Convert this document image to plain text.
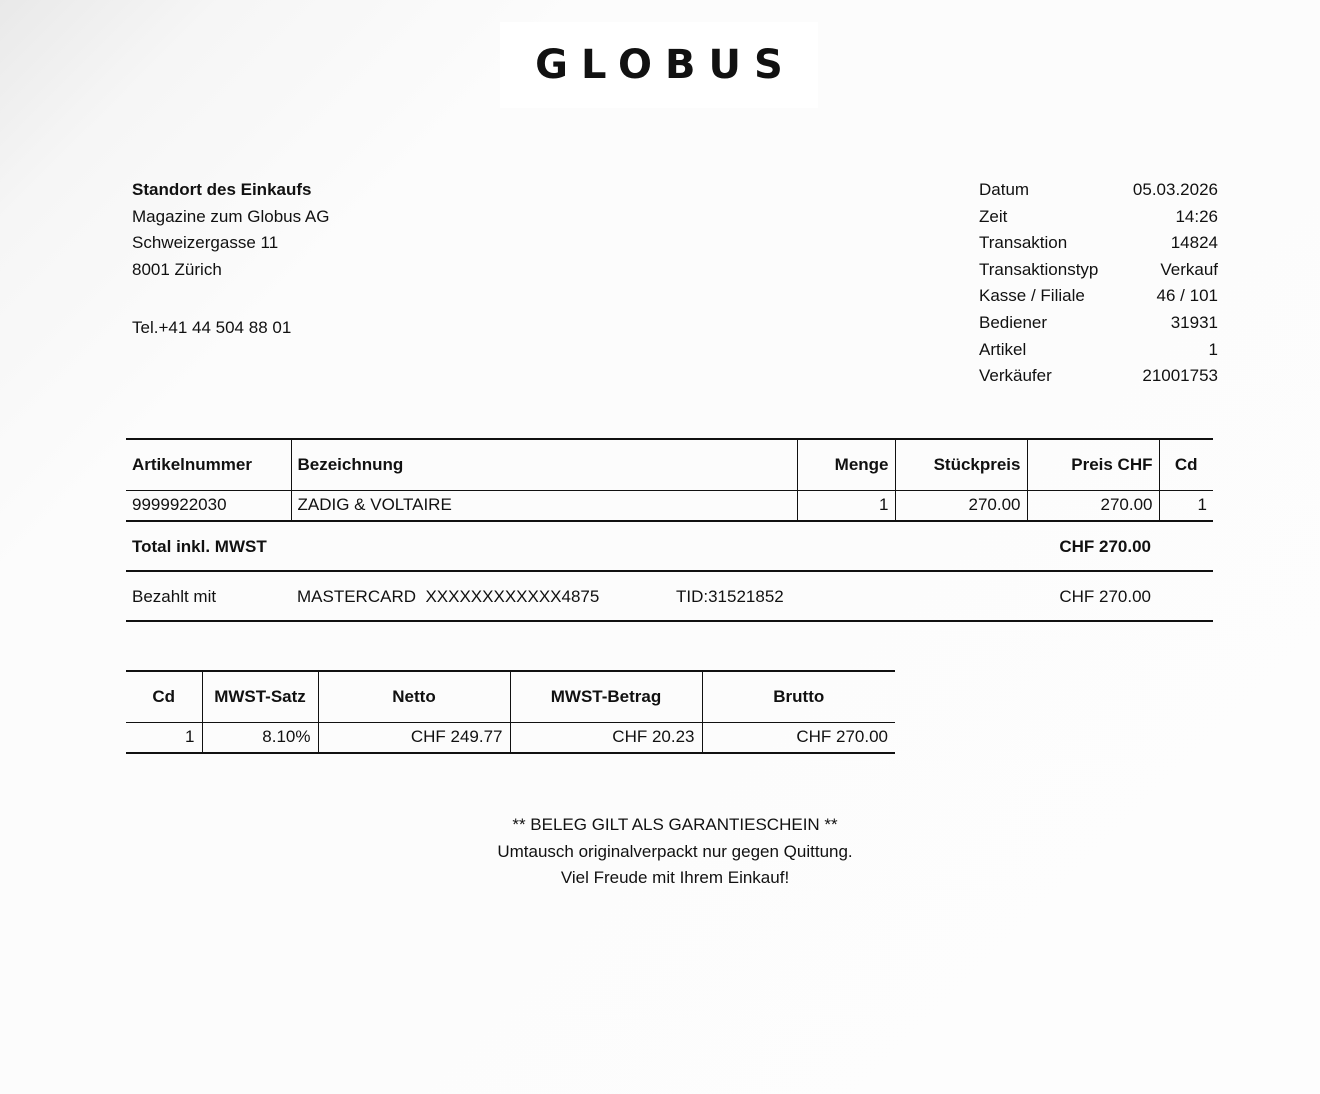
GLOBUS
Standort des Einkaufs
Magazine zum Globus AG
Schweizergasse 11
8001 Zürich
Tel.+41 44 504 88 01
Datum	05.03.2026
Zeit	14:26
Transaktion	14824
Transaktionstyp	Verkauf
Kasse / Filiale	46 / 101
Bediener	31931
Artikel	1
Verkäufer	21001753
Artikelnummer	Bezeichnung	Menge	Stückpreis	Preis CHF	Cd
9999922030	ZADIG & VOLTAIRE	1	270.00	270.00	1
Total inkl. MWST	CHF 270.00
Bezahlt mit	MASTERCARD  XXXXXXXXXXXX4875	TID:31521852	CHF 270.00
Cd	MWST-Satz	Netto	MWST-Betrag	Brutto
1	8.10%	CHF 249.77	CHF 20.23	CHF 270.00
** BELEG GILT ALS GARANTIESCHEIN **
Umtausch originalverpackt nur gegen Quittung.
Viel Freude mit Ihrem Einkauf!
